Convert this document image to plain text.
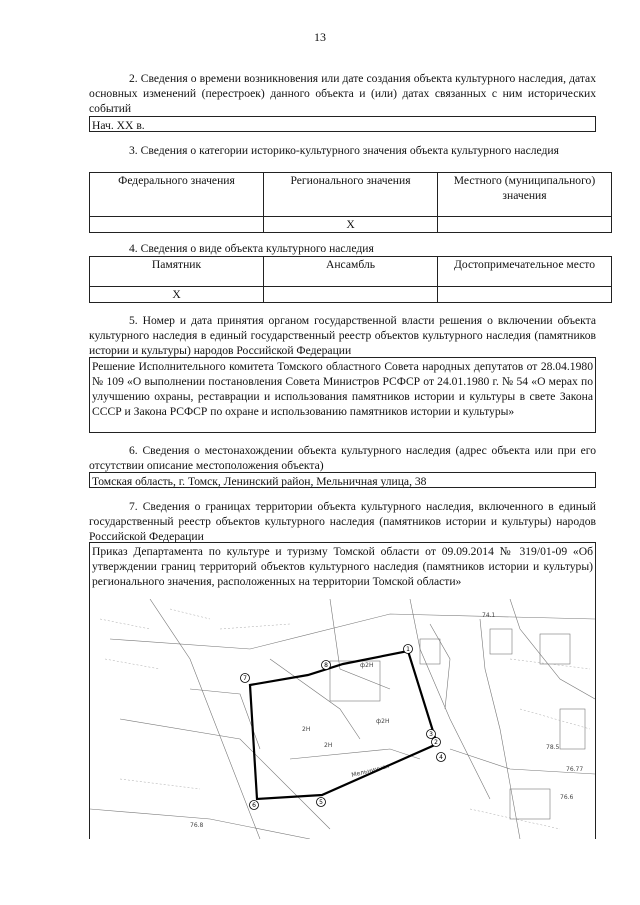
13
2. Сведения о времени возникновения или дате создания объекта культурного наследия, датах основных изменений (перестроек) данного объекта и (или) датах связанных с ним исторических событий
Нач. XX в.
3. Сведения о категории историко-культурного значения объекта культурного наследия
Федерального значения	Регионального значения	Местного (муниципального) значения
	Х	
4. Сведения о виде объекта культурного наследия
Памятник	Ансамбль	Достопримечательное место
Х		
5. Номер и дата принятия органом государственной власти решения о включении объекта культурного наследия в единый государственный реестр объектов культурного наследия (памятников истории и культуры) народов Российской Федерации
Решение Исполнительного комитета Томского областного Совета народных депутатов от 28.04.1980 № 109 «О выполнении постановления Совета Министров РСФСР от 24.01.1980 г. № 54 «О мерах по улучшению охраны, реставрации и использования памятников истории и культуры в свете Закона СССР и Закона РСФСР по охране и использованию памятников истории и культуры»
6. Сведения о местонахождении объекта культурного наследия (адрес объекта или при его отсутствии описание местоположения объекта)
Томская область, г. Томск, Ленинский район, Мельничная улица, 38
7. Сведения о границах территории объекта культурного наследия, включенного в единый государственный реестр объектов культурного наследия (памятников истории и культуры) народов Российской Федерации
Приказ Департамента по культуре и туризму Томской области от 09.09.2014 № 319/01-09 «Об утверждении границ территорий объектов культурного наследия (памятников истории и культуры) регионального значения, расположенных на территории Томской области»
Мельничная
2Н
2Н
ф2Н
ф2Н
74.1
78.5
76.77
76.6
76.8
1
2
3
4
5
6
7
8
